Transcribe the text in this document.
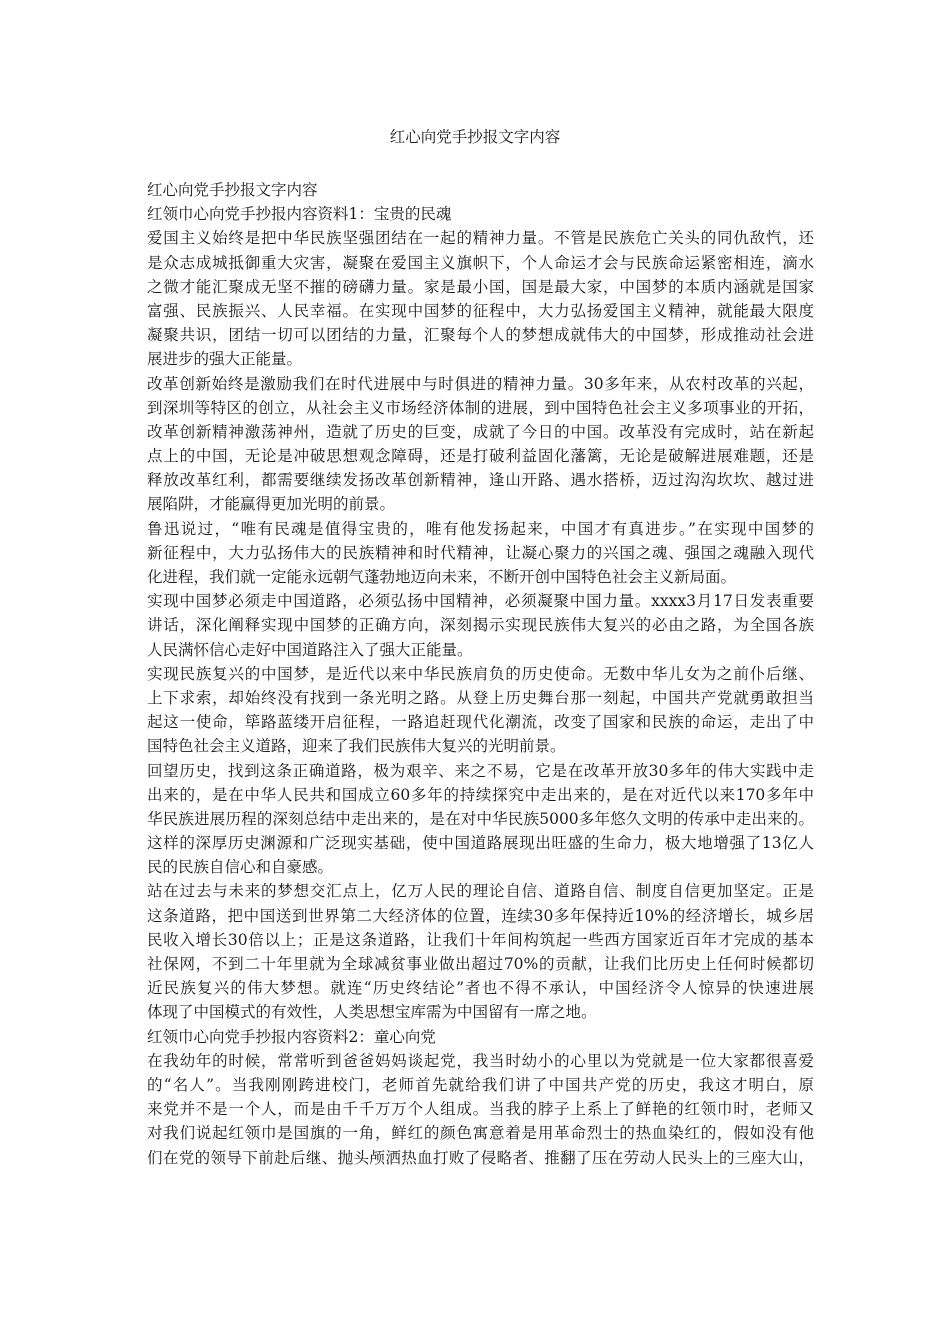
红心向党手抄报文字内容
红心向党手抄报文字内容
红领巾心向党手抄报内容资料1：宝贵的民魂
爱国主义始终是把中华民族坚强团结在一起的精神力量。不管是民族危亡关头的同仇敌忾，还
是众志成城抵御重大灾害，凝聚在爱国主义旗帜下，个人命运才会与民族命运紧密相连，滴水
之微才能汇聚成无坚不摧的磅礴力量。家是最小国，国是最大家，中国梦的本质内涵就是国家
富强、民族振兴、人民幸福。在实现中国梦的征程中，大力弘扬爱国主义精神，就能最大限度
凝聚共识，团结一切可以团结的力量，汇聚每个人的梦想成就伟大的中国梦，形成推动社会进
展进步的强大正能量。
改革创新始终是激励我们在时代进展中与时俱进的精神力量。30多年来，从农村改革的兴起，
到深圳等特区的创立，从社会主义市场经济体制的进展，到中国特色社会主义多项事业的开拓，
改革创新精神激荡神州，造就了历史的巨变，成就了今日的中国。改革没有完成时，站在新起
点上的中国，无论是冲破思想观念障碍，还是打破利益固化藩篱，无论是破解进展难题，还是
释放改革红利，都需要继续发扬改革创新精神，逢山开路、遇水搭桥，迈过沟沟坎坎、越过进
展陷阱，才能赢得更加光明的前景。
鲁迅说过，“唯有民魂是值得宝贵的，唯有他发扬起来，中国才有真进步。”在实现中国梦的
新征程中，大力弘扬伟大的民族精神和时代精神，让凝心聚力的兴国之魂、强国之魂融入现代
化进程，我们就一定能永远朝气蓬勃地迈向未来，不断开创中国特色社会主义新局面。
实现中国梦必须走中国道路，必须弘扬中国精神，必须凝聚中国力量。xxxx3月17日发表重要
讲话，深化阐释实现中国梦的正确方向，深刻揭示实现民族伟大复兴的必由之路，为全国各族
人民满怀信心走好中国道路注入了强大正能量。
实现民族复兴的中国梦，是近代以来中华民族肩负的历史使命。无数中华儿女为之前仆后继、
上下求索，却始终没有找到一条光明之路。从登上历史舞台那一刻起，中国共产党就勇敢担当
起这一使命，筚路蓝缕开启征程，一路追赶现代化潮流，改变了国家和民族的命运，走出了中
国特色社会主义道路，迎来了我们民族伟大复兴的光明前景。
回望历史，找到这条正确道路，极为艰辛、来之不易，它是在改革开放30多年的伟大实践中走
出来的，是在中华人民共和国成立60多年的持续探究中走出来的，是在对近代以来170多年中
华民族进展历程的深刻总结中走出来的，是在对中华民族5000多年悠久文明的传承中走出来的。
这样的深厚历史渊源和广泛现实基础，使中国道路展现出旺盛的生命力，极大地增强了13亿人
民的民族自信心和自豪感。
站在过去与未来的梦想交汇点上，亿万人民的理论自信、道路自信、制度自信更加坚定。正是
这条道路，把中国送到世界第二大经济体的位置，连续30多年保持近10%的经济增长，城乡居
民收入增长30倍以上；正是这条道路，让我们十年间构筑起一些西方国家近百年才完成的基本
社保网，不到二十年里就为全球减贫事业做出超过70%的贡献，让我们比历史上任何时候都切
近民族复兴的伟大梦想。就连“历史终结论”者也不得不承认，中国经济令人惊异的快速进展
体现了中国模式的有效性，人类思想宝库需为中国留有一席之地。
红领巾心向党手抄报内容资料2：童心向党
在我幼年的时候，常常听到爸爸妈妈谈起党，我当时幼小的心里以为党就是一位大家都很喜爱
的“名人”。当我刚刚跨进校门，老师首先就给我们讲了中国共产党的历史，我这才明白，原
来党并不是一个人，而是由千千万万个人组成。当我的脖子上系上了鲜艳的红领巾时，老师又
对我们说起红领巾是国旗的一角，鲜红的颜色寓意着是用革命烈士的热血染红的，假如没有他
们在党的领导下前赴后继、抛头颅洒热血打败了侵略者、推翻了压在劳动人民头上的三座大山，
